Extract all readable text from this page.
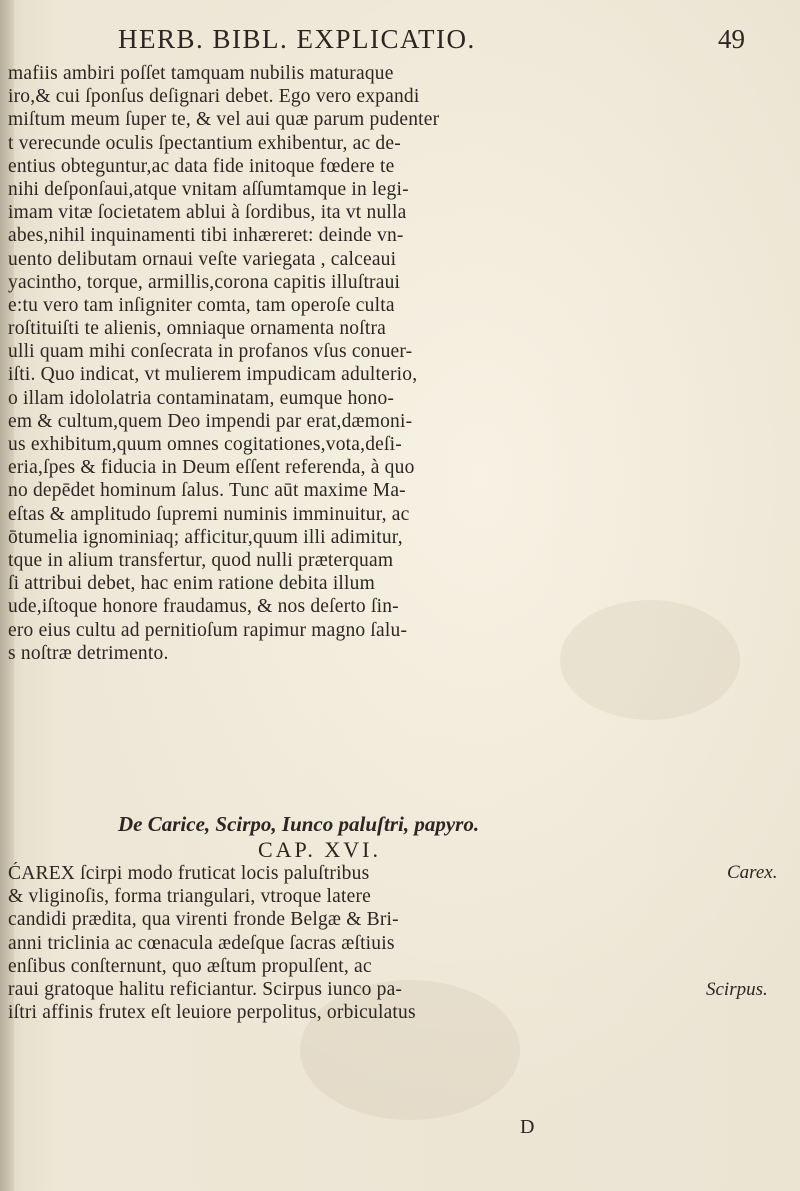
HERB. BIBL. EXPLICATIO.	49
mafiis ambiri poſſet tamquam nubilis maturaque
iro,& cui ſponſus deſignari debet. Ego vero expandi
miſtum meum ſuper te, & vel aui quæ parum pudenter
t verecunde oculis ſpectantium exhibentur, ac de-
entius obteguntur,ac data fide initoque fœdere te
nihi deſponſaui,atque vnitam aſſumtamque in legi-
imam vitæ ſocietatem ablui à ſordibus, ita vt nulla
abes,nihil inquinamenti tibi inhæreret: deinde vn-
uento delibutam ornaui veſte variegata , calceaui
yacintho, torque, armillis,corona capitis illuſtraui
e:tu vero tam inſigniter comta, tam operoſe culta
roſtituiſti te alienis, omniaque ornamenta noſtra
ulli quam mihi conſecrata in profanos vſus conuer-
iſti. Quo indicat, vt mulierem impudicam adulterio,
o illam idololatria contaminatam, eumque hono-
em & cultum,quem Deo impendi par erat,dæmoni-
us exhibitum,quum omnes cogitationes,vota,deſi-
eria,ſpes & fiducia in Deum eſſent referenda, à quo
no depēdet hominum ſalus. Tunc aūt maxime Ma-
eſtas & amplitudo ſupremi numinis imminuitur, ac
ōtumelia ignominiaq; afficitur,quum illi adimitur,
tque in alium transfertur, quod nulli præterquam
ſi attribui debet, hac enim ratione debita illum
ude,iſtoque honore fraudamus, & nos deſerto ſin-
ero eius cultu ad pernitioſum rapimur magno ſalu-
s noſtræ detrimento.
De Carice, Scirpo, Iunco paluſtri, papyro.
CAP. XVI.
ĆAREX ſcirpi modo fruticat locis paluſtribus
& vliginoſis, forma triangulari, vtroque latere
candidi prædita, qua virenti fronde Belgæ & Bri-
anni triclinia ac cœnacula ædeſque ſacras æſtiuis
enſibus conſternunt, quo æſtum propulſent, ac
raui gratoque halitu reficiantur. Scirpus iunco pa-
iſtri affinis frutex eſt leuiore perpolitus, orbiculatus
Carex.
Scirpus.
D
